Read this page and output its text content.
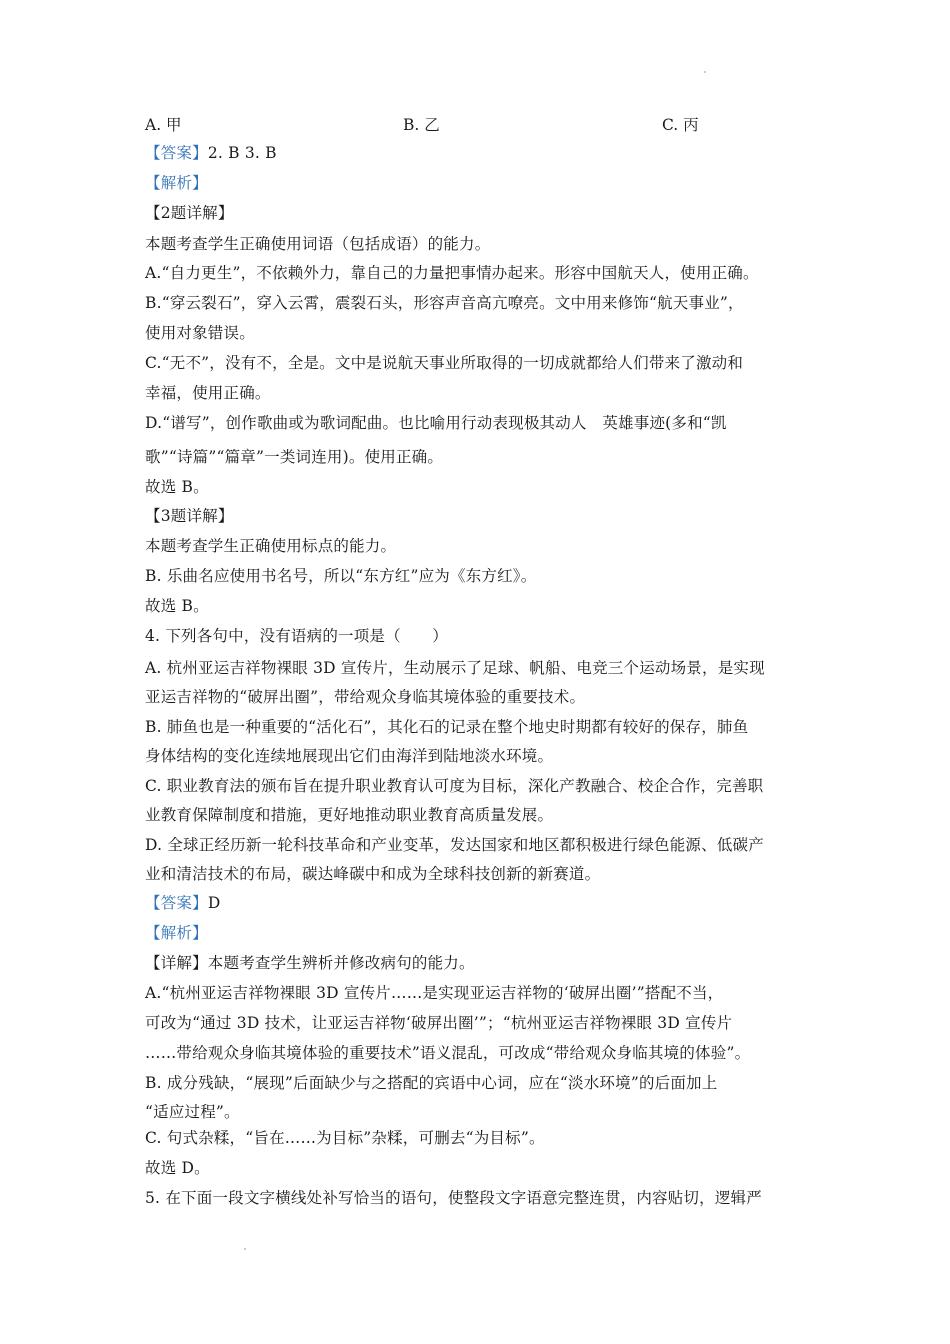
A. 甲	B. 乙	C. 丙
【答案】2. B 3. B
【解析】
【2题详解】
本题考查学生正确使用词语（包括成语）的能力。
A.“自力更生”，不依赖外力，靠自己的力量把事情办起来。形容中国航天人，使用正确。
B.“穿云裂石”，穿入云霄，震裂石头，形容声音高亢嘹亮。文中用来修饰“航天事业”，
使用对象错误。
C.“无不”，没有不，全是。文中是说航天事业所取得的一切成就都给人们带来了激动和
幸福，使用正确。
D.“谱写”，创作歌曲或为歌词配曲。也比喻用行动表现极其动人　英雄事迹(多和“凯
歌”“诗篇”“篇章”一类词连用)。使用正确。
故选 B。
【3题详解】
本题考查学生正确使用标点的能力。
B. 乐曲名应使用书名号，所以“东方红”应为《东方红》。
故选 B。
4. 下列各句中，没有语病的一项是（　　）
A. 杭州亚运吉祥物裸眼 3D 宣传片，生动展示了足球、帆船、电竞三个运动场景，是实现
亚运吉祥物的“破屏出圈”，带给观众身临其境体验的重要技术。
B. 肺鱼也是一种重要的“活化石”，其化石的记录在整个地史时期都有较好的保存，肺鱼
身体结构的变化连续地展现出它们由海洋到陆地淡水环境。
C. 职业教育法的颁布旨在提升职业教育认可度为目标，深化产教融合、校企合作，完善职
业教育保障制度和措施，更好地推动职业教育高质量发展。
D. 全球正经历新一轮科技革命和产业变革，发达国家和地区都积极进行绿色能源、低碳产
业和清洁技术的布局，碳达峰碳中和成为全球科技创新的新赛道。
【答案】D
【解析】
【详解】本题考查学生辨析并修改病句的能力。
A.“杭州亚运吉祥物裸眼 3D 宣传片……是实现亚运吉祥物的‘破屏出圈’”搭配不当，
可改为“通过 3D 技术，让亚运吉祥物‘破屏出圈’”；“杭州亚运吉祥物裸眼 3D 宣传片
……带给观众身临其境体验的重要技术”语义混乱，可改成“带给观众身临其境的体验”。
B. 成分残缺，“展现”后面缺少与之搭配的宾语中心词，应在“淡水环境”的后面加上
“适应过程”。
C. 句式杂糅，“旨在……为目标”杂糅，可删去“为目标”。
故选 D。
5. 在下面一段文字横线处补写恰当的语句，使整段文字语意完整连贯，内容贴切，逻辑严
